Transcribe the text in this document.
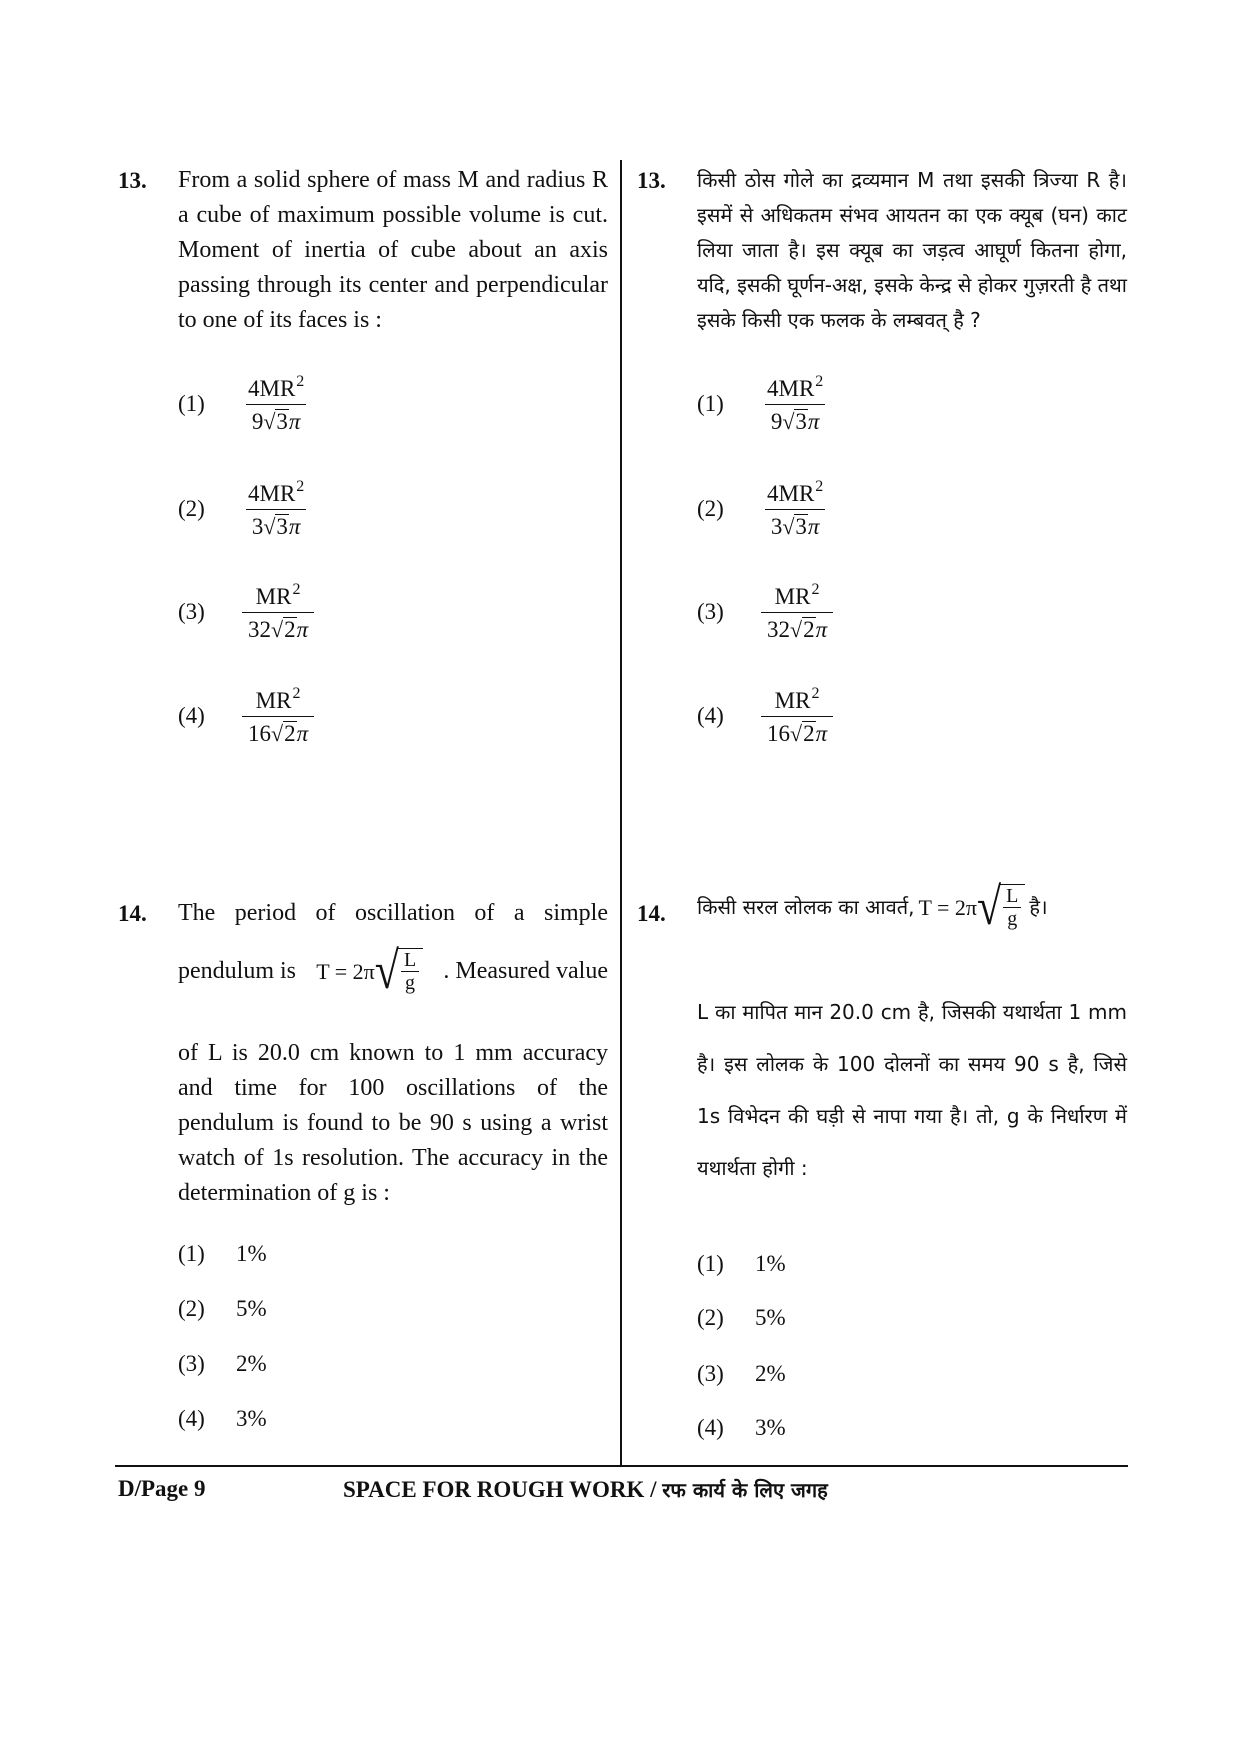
13. From a solid sphere of mass M and radius R a cube of maximum possible volume is cut. Moment of inertia of cube about an axis passing through its center and perpendicular to one of its faces is :
(1)	$\frac{4MR^2}{9 √ 3 \pi}$
(2)	$\frac{4MR^2}{3 √ 3 \pi}$
(3)	$\frac{MR^2}{32 √ 2 \pi}$
(4)	$\frac{MR^2}{16 √ 2 \pi}$
13. किसी ठोस गोले का द्रव्यमान M तथा इसकी त्रिज्या R है। इसमें से अधिकतम संभव आयतन का एक क्यूब (घन) काट लिया जाता है। इस क्यूब का जड़त्व आघूर्ण कितना होगा, यदि, इसकी घूर्णन-अक्ष, इसके केन्द्र से होकर गुज़रती है तथा इसके किसी एक फलक के लम्बवत् है ?
(1)	$\frac{4MR^2}{9 √ 3 \pi}$
(2)	$\frac{4MR^2}{3 √ 3 \pi}$
(3)	$\frac{MR^2}{32 √ 2 \pi}$
(4)	$\frac{MR^2}{16 √ 2 \pi}$
14. The period of oscillation of a simple
pendulum is T = 2π √ L
g . Measured value
of L is 20.0 cm known to 1 mm accuracy and time for 100 oscillations of the pendulum is found to be 90 s using a wrist watch of 1s resolution. The accuracy in the determination of g is :
(1)	1%
(2)	5%
(3)	2%
(4)	3%
14. किसी सरल लोलक का आवर्त, T = 2π √ L
g
है।
L का मापित मान 20.0 cm है, जिसकी यथार्थता 1 mm है। इस लोलक के 100 दोलनों का समय 90 s है, जिसे 1s विभेदन की घड़ी से नापा गया है। तो, g के निर्धारण में यथार्थता होगी :
(1)	1%
(2)	5%
(3)	2%
(4)	3%
D/Page 9	SPACE FOR ROUGH WORK / रफ कार्य के लिए जगह
